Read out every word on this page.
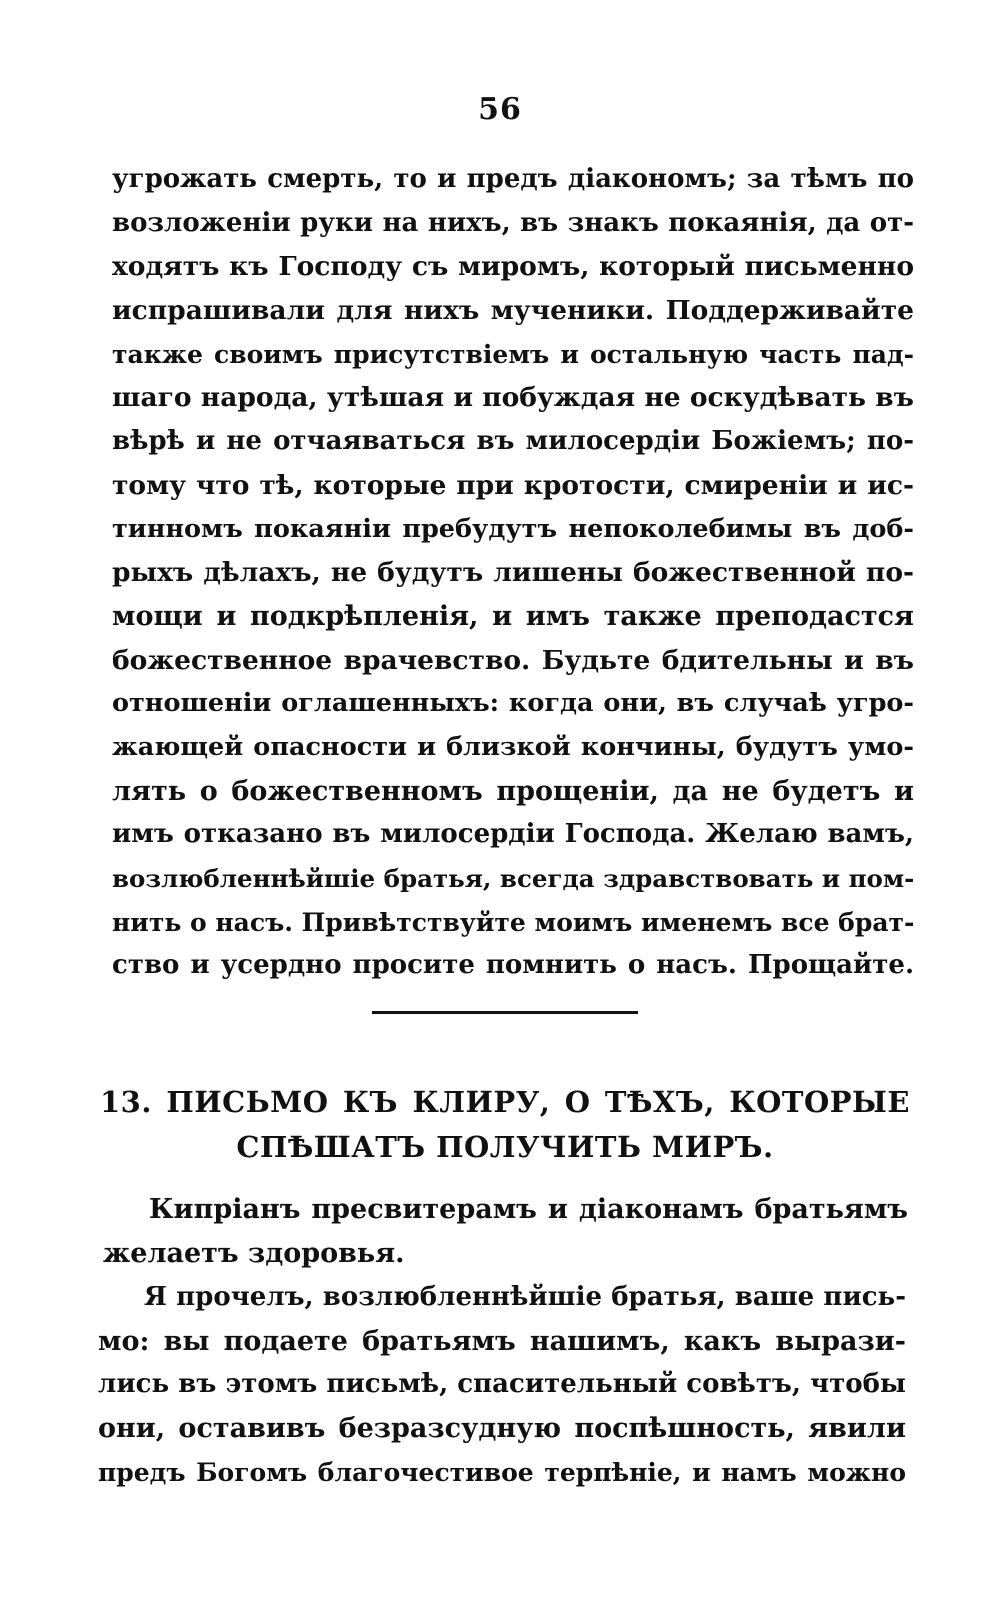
56
угрожать смерть, то и предъ діакономъ; за тѣмъ по
возложеніи руки на нихъ, въ знакъ покаянія, да от-
ходятъ къ Господу съ миромъ, который письменно
испрашивали для нихъ мученики. Поддерживайте
также своимъ присутствіемъ и остальную часть пад-
шаго народа, утѣшая и побуждая не оскудѣвать въ
вѣрѣ и не отчаяваться въ милосердіи Божіемъ; по-
тому что тѣ, которые при кротости, смиреніи и ис-
тинномъ покаяніи пребудутъ непоколебимы въ доб-
рыхъ дѣлахъ, не будутъ лишены божественной по-
мощи и подкрѣпленія, и имъ также преподастся
божественное врачевство. Будьте бдительны и въ
отношеніи оглашенныхъ: когда они, въ случаѣ угро-
жающей опасности и близкой кончины, будутъ умо-
лять о божественномъ прощеніи, да не будетъ и
имъ отказано въ милосердіи Господа. Желаю вамъ,
возлюбленнѣйшіе братья, всегда здравствовать и пом-
нить о насъ. Привѣтствуйте моимъ именемъ все брат-
ство и усердно просите помнить о насъ. Прощайте.
13. ПИСЬМО КЪ КЛИРУ, О ТѢХЪ, КОТОРЫЕ
СПѢШАТЪ ПОЛУЧИТЬ МИРЪ.
Кипріанъ пресвитерамъ и діаконамъ братьямъ
желаетъ здоровья.
Я прочелъ, возлюбленнѣйшіе братья, ваше пись-
мо: вы подаете братьямъ нашимъ, какъ вырази-
лись въ этомъ письмѣ, спасительный совѣтъ, чтобы
они, оставивъ безразсудную поспѣшность, явили
предъ Богомъ благочестивое терпѣніе, и намъ можно
